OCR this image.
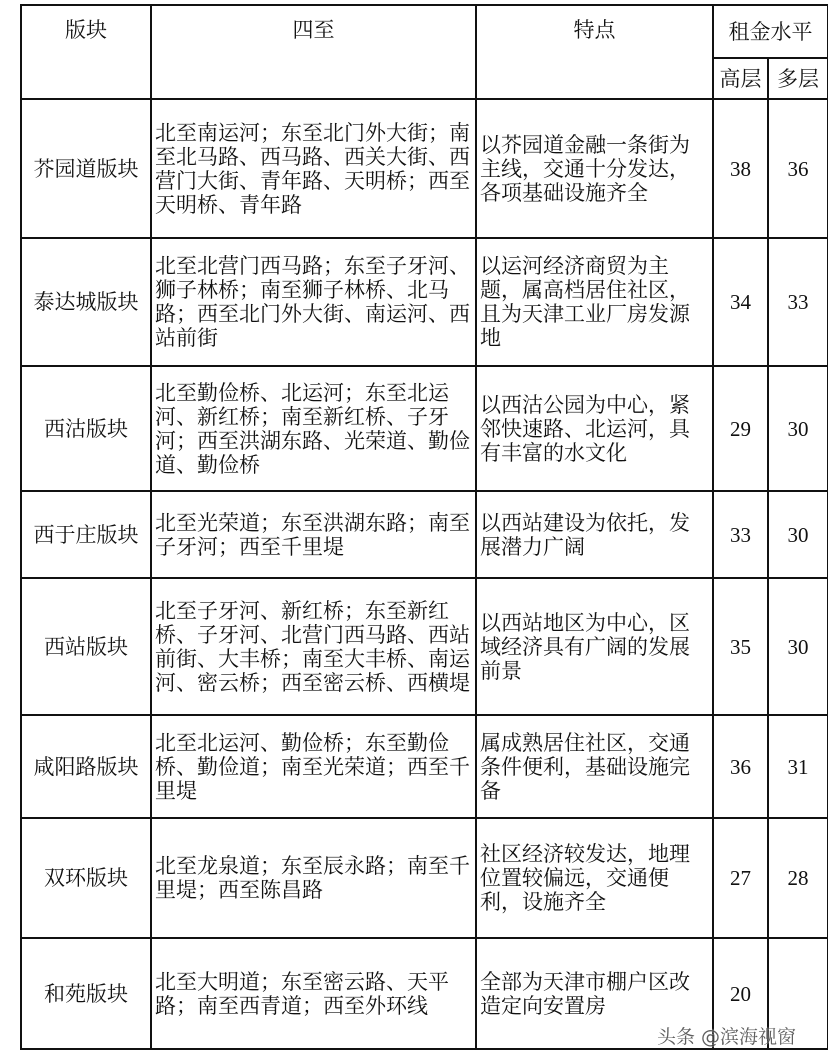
版块	四至	特点	租金水平	
			高层	多层
芥园道版块	北至南运河；东至北门外大街；南至北马路、西马路、西关大街、西营门大街、青年路、天明桥；西至天明桥、青年路	以芥园道金融一条街为主线，交通十分发达，各项基础设施齐全	38	36
泰达城版块	北至北营门西马路；东至子牙河、狮子林桥；南至狮子林桥、北马路；西至北门外大街、南运河、西站前街	以运河经济商贸为主题，属高档居住社区，且为天津工业厂房发源地	34	33
西沽版块	北至勤俭桥、北运河；东至北运河、新红桥；南至新红桥、子牙河；西至洪湖东路、光荣道、勤俭道、勤俭桥	以西沽公园为中心，紧邻快速路、北运河，具有丰富的水文化	29	30
西于庄版块	北至光荣道；东至洪湖东路；南至子牙河；西至千里堤	以西站建设为依托，发展潜力广阔	33	30
西站版块	北至子牙河、新红桥；东至新红桥、子牙河、北营门西马路、西站前街、大丰桥；南至大丰桥、南运河、密云桥；西至密云桥、西横堤	以西站地区为中心，区域经济具有广阔的发展前景	35	30
咸阳路版块	北至北运河、勤俭桥；东至勤俭桥、勤俭道；南至光荣道；西至千里堤	属成熟居住社区，交通条件便利，基础设施完备	36	31
双环版块	北至龙泉道；东至辰永路；南至千里堤；西至陈昌路	社区经济较发达，地理位置较偏远，交通便利，设施齐全	27	28
和苑版块	北至大明道；东至密云路、天平路；南至西青道；西至外环线	全部为天津市棚户区改造定向安置房	20	
头条 @滨海视窗
